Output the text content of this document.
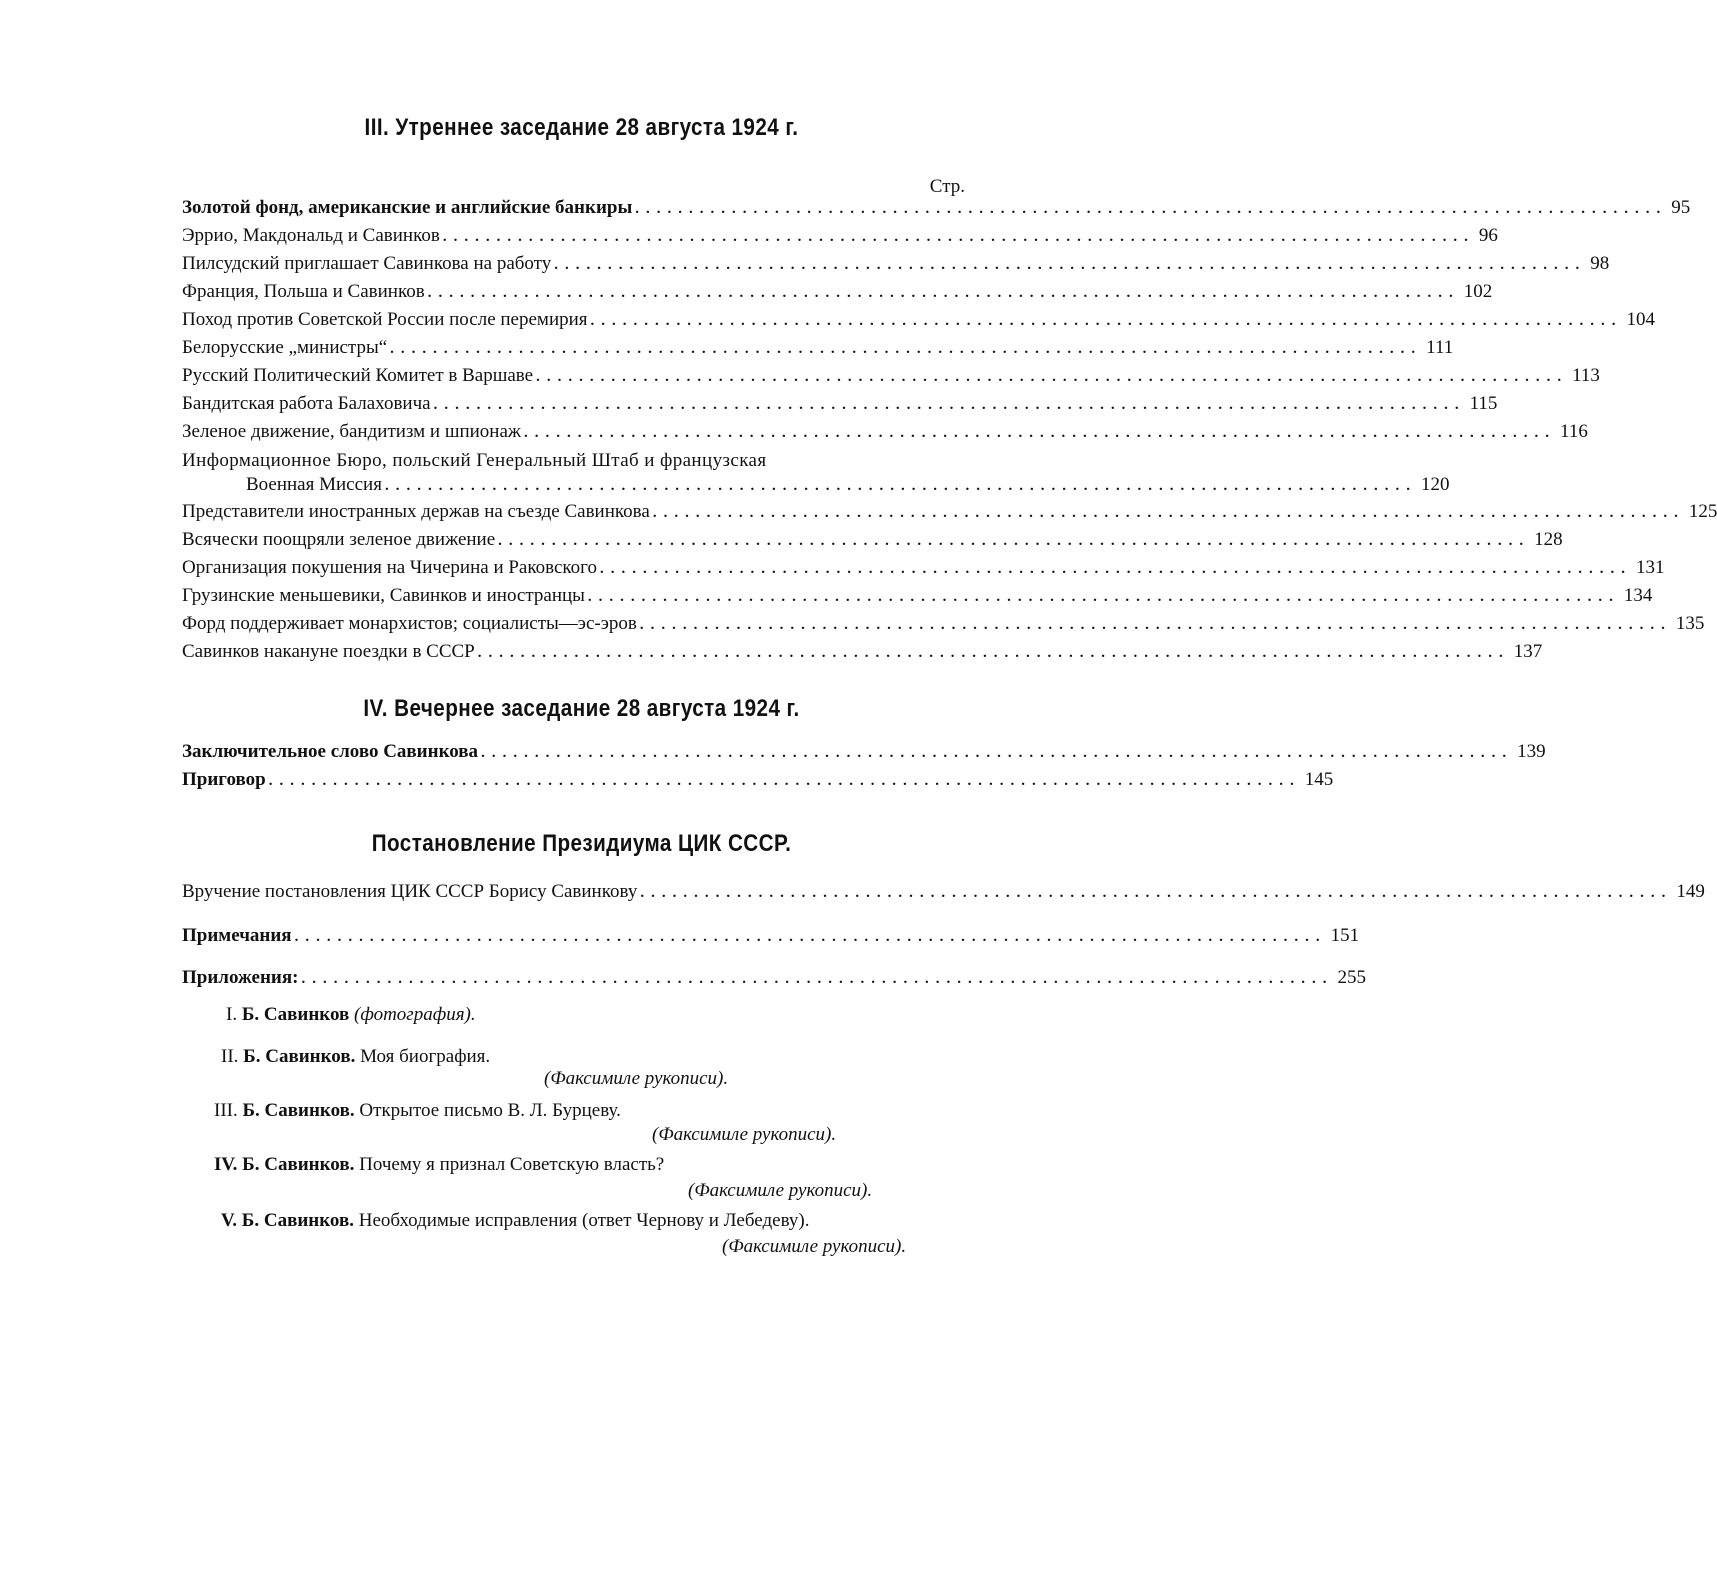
III. Утреннее заседание 28 августа 1924 г.
Стр.
Золотой фонд, американские и английские банкиры ................................................................................................ 95
Эррио, Макдональд и Савинков ................................................................................................ 96
Пилсудский приглашает Савинкова на работу ................................................................................................ 98
Франция, Польша и Савинков ................................................................................................ 102
Поход против Советской России после перемирия ................................................................................................ 104
Белорусские „министры“ ................................................................................................ 111
Русский Политический Комитет в Варшаве ................................................................................................ 113
Бандитская работа Балаховича ................................................................................................ 115
Зеленое движение, бандитизм и шпионаж ................................................................................................ 116
Информационное Бюро, польский Генеральный Штаб и французская
Военная Миссия ................................................................................................ 120
Представители иностранных держав на съезде Савинкова ................................................................................................ 125
Всячески поощряли зеленое движение ................................................................................................ 128
Организация покушения на Чичерина и Раковского ................................................................................................ 131
Грузинские меньшевики, Савинков и иностранцы ................................................................................................ 134
Форд поддерживает монархистов; социалисты—эс-эров ................................................................................................ 135
Савинков накануне поездки в СССР ................................................................................................ 137
IV. Вечернее заседание 28 августа 1924 г.
Заключительное слово Савинкова ................................................................................................ 139
Приговор ................................................................................................ 145
Постановление Президиума ЦИК СССР.
Вручение постановления ЦИК СССР Борису Савинкову ................................................................................................ 149
Примечания ................................................................................................ 151
Приложения: ................................................................................................ 255
I. Б. Савинков (фотография).
II. Б. Савинков. Моя биография.
(Факсимиле рукописи).
III. Б. Савинков. Открытое письмо В. Л. Бурцеву.
(Факсимиле рукописи).
IV. Б. Савинков. Почему я признал Советскую власть?
(Факсимиле рукописи).
V. Б. Савинков. Необходимые исправления (ответ Чернову и Лебедеву).
(Факсимиле рукописи).
